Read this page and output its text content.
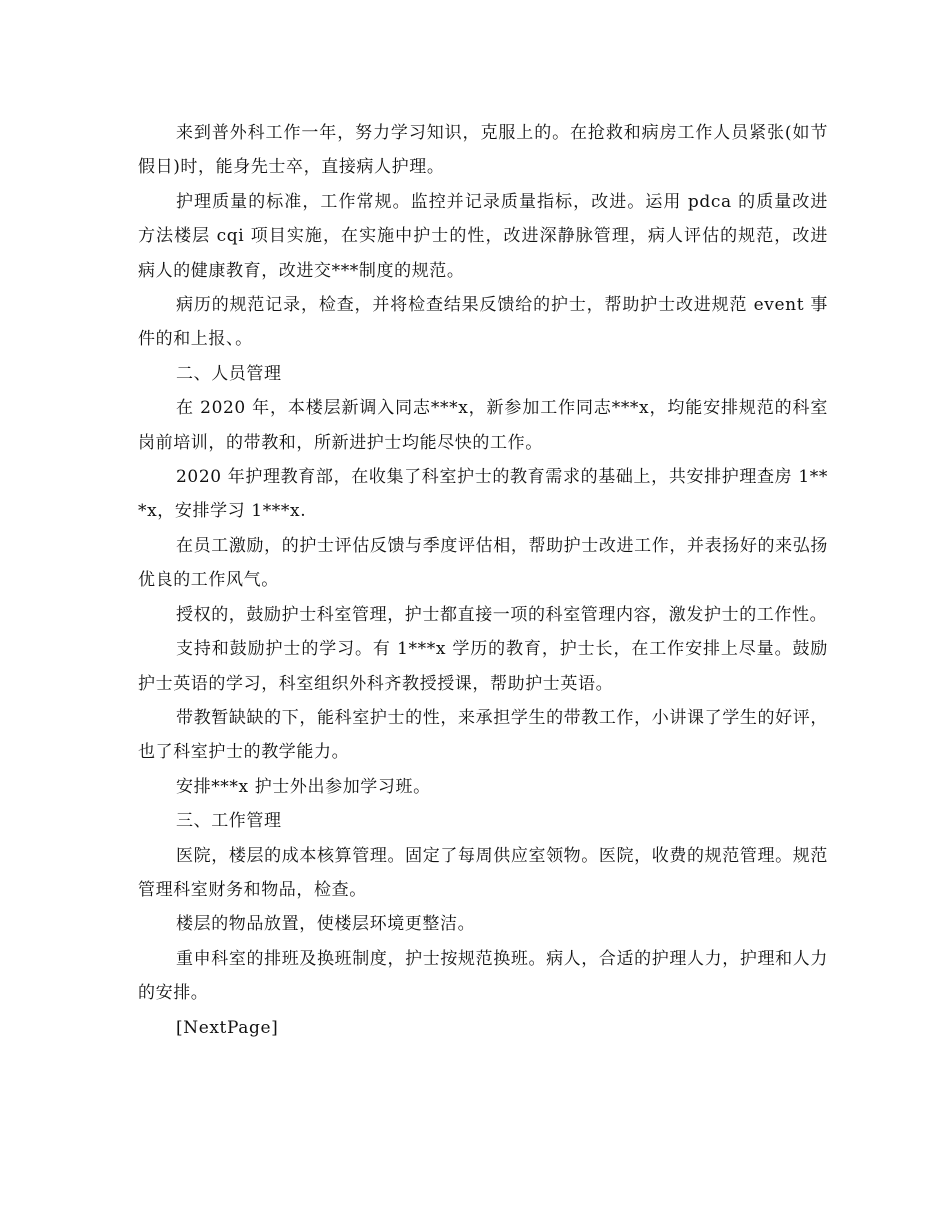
来到普外科工作一年，努力学习知识，克服上的。在抢救和病房工作人员紧张(如节假日)时，能身先士卒，直接病人护理。

护理质量的标准，工作常规。监控并记录质量指标，改进。运用 pdca 的质量改进方法楼层 cqi 项目实施，在实施中护士的性，改进深静脉管理，病人评估的规范，改进病人的健康教育，改进交***制度的规范。

病历的规范记录，检查，并将检查结果反馈给的护士，帮助护士改进规范 event 事件的和上报、。

二、人员管理

在 2020 年，本楼层新调入同志***x，新参加工作同志***x，均能安排规范的科室岗前培训，的带教和，所新进护士均能尽快的工作。

2020 年护理教育部，在收集了科室护士的教育需求的基础上，共安排护理查房 1***x，安排学习 1***x.

在员工激励，的护士评估反馈与季度评估相，帮助护士改进工作，并表扬好的来弘扬优良的工作风气。

授权的，鼓励护士科室管理，护士都直接一项的科室管理内容，激发护士的工作性。

支持和鼓励护士的学习。有 1***x 学历的教育，护士长，在工作安排上尽量。鼓励护士英语的学习，科室组织外科齐教授授课，帮助护士英语。

带教暂缺缺的下，能科室护士的性，来承担学生的带教工作，小讲课了学生的好评，也了科室护士的教学能力。

安排***x 护士外出参加学习班。

三、工作管理

医院，楼层的成本核算管理。固定了每周供应室领物。医院，收费的规范管理。规范管理科室财务和物品，检查。

楼层的物品放置，使楼层环境更整洁。

重申科室的排班及换班制度，护士按规范换班。病人，合适的护理人力，护理和人力的安排。

[NextPage]
